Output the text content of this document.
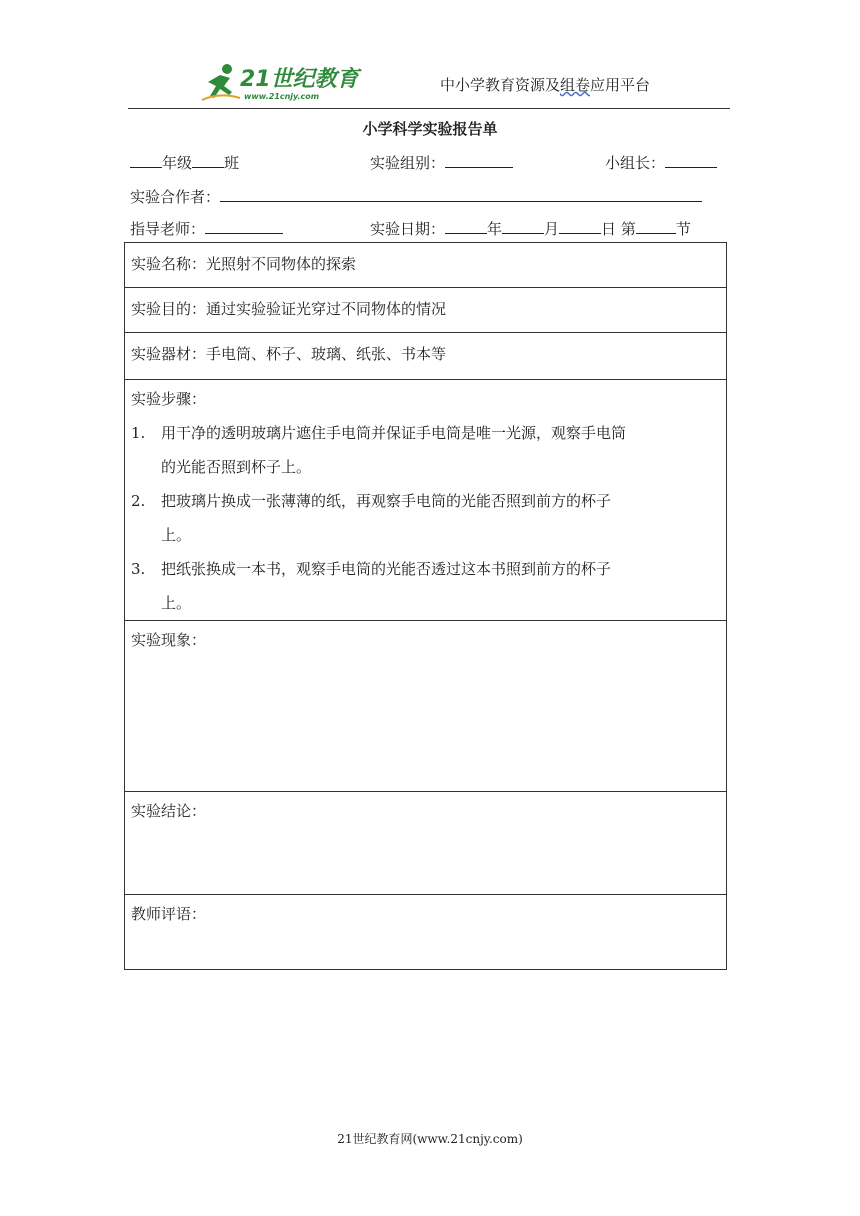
21世纪教育
www.21cnjy.com
中小学教育资源及组卷应用平台
小学科学实验报告单
年级 班	实验组别：	小组长：
实验合作者：
指导老师：	实验日期：	年	月	日 第	节
实验名称：光照射不同物体的探索
实验目的：通过实验验证光穿过不同物体的情况
实验器材：手电筒、杯子、玻璃、纸张、书本等

实验步骤：
1.	用干净的透明玻璃片遮住手电筒并保证手电筒是唯一光源，观察手电筒
的光能否照到杯子上。
2.	把玻璃片换成一张薄薄的纸，再观察手电筒的光能否照到前方的杯子
上。
3.	把纸张换成一本书，观察手电筒的光能否透过这本书照到前方的杯子
上。

实验现象：
实验结论：
教师评语：
21世纪教育网(www.21cnjy.com)
